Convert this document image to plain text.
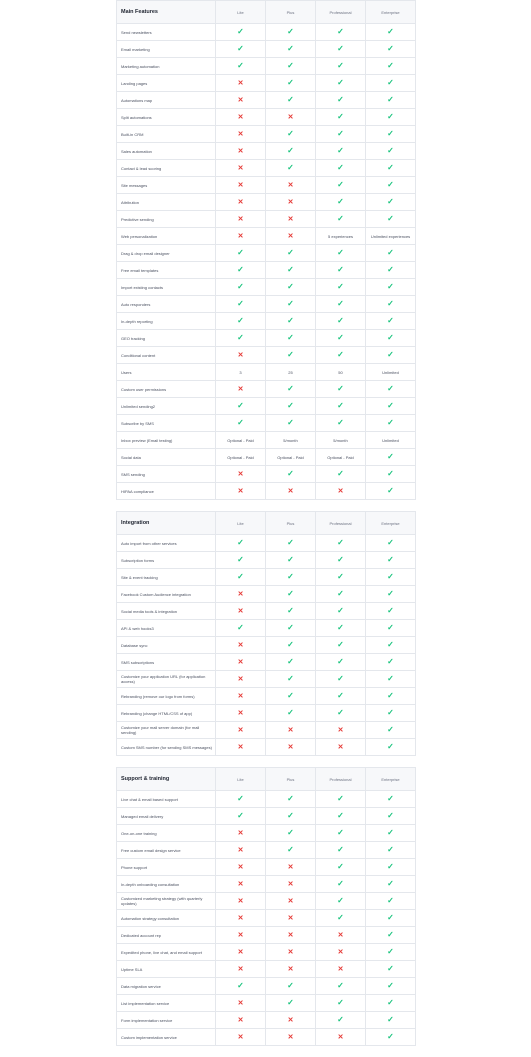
Main Features	Lite	Plus	Professional	Enterprise
Send newsletters	✓	✓	✓	✓
Email marketing	✓	✓	✓	✓
Marketing automation	✓	✓	✓	✓
Landing pages	✕	✓	✓	✓
Automations map	✕	✓	✓	✓
Split automations	✕	✕	✓	✓
Built-in CRM	✕	✓	✓	✓
Sales automation	✕	✓	✓	✓
Contact & lead scoring	✕	✓	✓	✓
Site messages	✕	✕	✓	✓
Attribution	✕	✕	✓	✓
Predictive sending	✕	✕	✓	✓
Web personalization	✕	✕	5 experiences	Unlimited experiences
Drag & drop email designer	✓	✓	✓	✓
Free email templates	✓	✓	✓	✓
Import existing contacts	✓	✓	✓	✓
Auto responders	✓	✓	✓	✓
In-depth reporting	✓	✓	✓	✓
GEO tracking	✓	✓	✓	✓
Conditional content	✕	✓	✓	✓
Users	3	25	50	Unlimited
Custom user permissions	✕	✓	✓	✓
Unlimited sending2	✓	✓	✓	✓
Subscribe by SMS	✓	✓	✓	✓
Inbox preview (Email testing)	Optional - Paid	5/month	5/month	Unlimited
Social data	Optional - Paid	Optional - Paid	Optional - Paid	✓
SMS sending	✕	✓	✓	✓
HIPAA compliance	✕	✕	✕	✓
Integration	Lite	Plus	Professional	Enterprise
Auto import from other services	✓	✓	✓	✓
Subscription forms	✓	✓	✓	✓
Site & event tracking	✓	✓	✓	✓
Facebook Custom Audience integration	✕	✓	✓	✓
Social media tools & integration	✕	✓	✓	✓
API & web hooks3	✓	✓	✓	✓
Database sync	✕	✓	✓	✓
SMS subscriptions	✕	✓	✓	✓
Customize your application URL (for application access)	✕	✓	✓	✓
Rebranding (remove our logo from forms)	✕	✓	✓	✓
Rebranding (change HTML/CSS of app)	✕	✓	✓	✓
Customize your mail server domain (for mail sending)	✕	✕	✕	✓
Custom SMS number (for sending SMS messages)	✕	✕	✕	✓
Support & training	Lite	Plus	Professional	Enterprise
Live chat & email based support	✓	✓	✓	✓
Managed email delivery	✓	✓	✓	✓
One-on-one training	✕	✓	✓	✓
Free custom email design service	✕	✓	✓	✓
Phone support	✕	✕	✓	✓
In-depth onboarding consultation	✕	✕	✓	✓
Customized marketing strategy (with quarterly updates)	✕	✕	✓	✓
Automation strategy consultation	✕	✕	✓	✓
Dedicated account rep	✕	✕	✕	✓
Expedited phone, live chat, and email support	✕	✕	✕	✓
Uptime SLA	✕	✕	✕	✓
Data migration service	✓	✓	✓	✓
List implementation service	✕	✓	✓	✓
Form implementation service	✕	✕	✓	✓
Custom implementation service	✕	✕	✕	✓
